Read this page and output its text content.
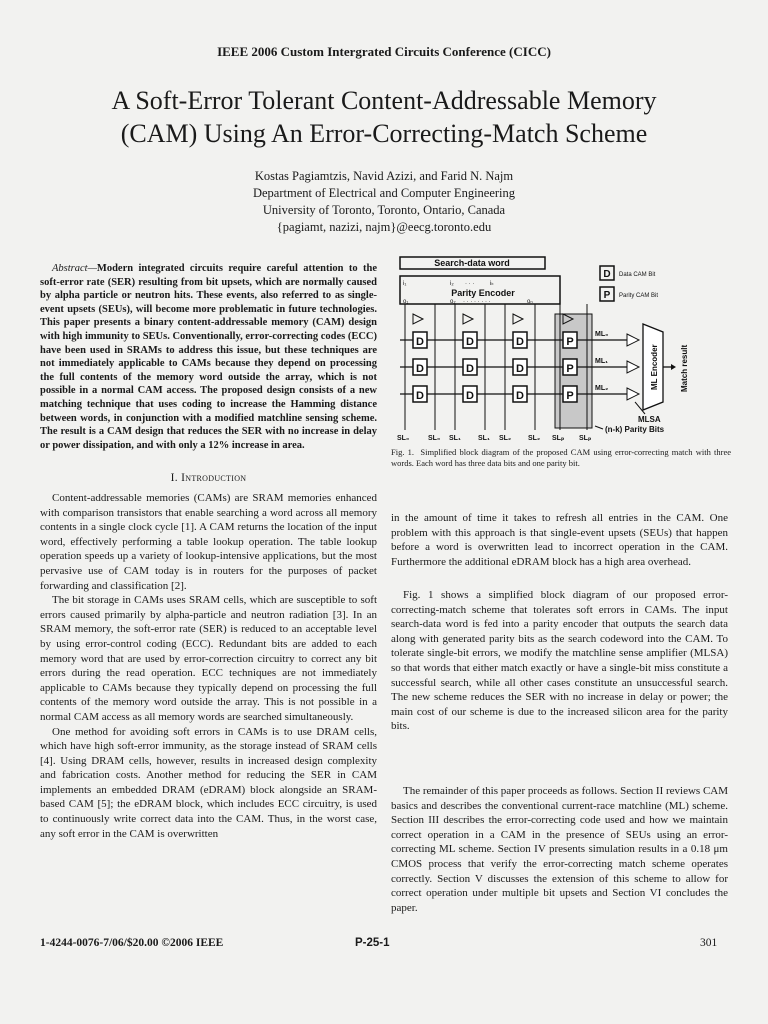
IEEE 2006 Custom Intergrated Circuits Conference (CICC)
A Soft-Error Tolerant Content-Addressable Memory
(CAM) Using An Error-Correcting-Match Scheme
Kostas Pagiamtzis, Navid Azizi, and Farid N. Najm
Department of Electrical and Computer Engineering
University of Toronto, Toronto, Ontario, Canada
{pagiamt, nazizi, najm}@eecg.toronto.edu
Abstract—Modern integrated circuits require careful attention to the soft-error rate (SER) resulting from bit upsets, which are normally caused by alpha particle or neutron hits. These events, also referred to as single-event upsets (SEUs), will become more problematic in future technologies. This paper presents a binary content-addressable memory (CAM) design with high immunity to SEUs. Conventionally, error-correcting codes (ECC) have been used in SRAMs to address this issue, but these techniques are not immediately applicable to CAMs because they depend on processing the full contents of the memory word outside the array, which is not possible in a normal CAM access. The proposed design consists of a new matching technique that uses coding to increase the Hamming distance between words, in conjunction with a modified matchline sensing scheme. The result is a CAM design that reduces the SER with no increase in delay or power dissipation, and with only a 12% increase in area.
I. Introduction

Content-addressable memories (CAMs) are SRAM memories enhanced with comparison transistors that enable searching a word across all memory contents in a single clock cycle [1]. A CAM returns the location of the input word, effectively performing a table lookup operation. The table lookup operation speeds up a variety of lookup-intensive applications, but the most pervasive use of CAM today is in routers for the purposes of packet forwarding and classification [2].

The bit storage in CAMs uses SRAM cells, which are susceptible to soft errors caused primarily by alpha-particle and neutron radiation [3]. In an SRAM memory, the soft-error rate (SER) is reduced to an acceptable level by using error-control coding (ECC). Redundant bits are added to each memory word that are used by error-correction circuitry to correct any bit errors during the read operation. ECC techniques are not immediately applicable to CAMs because they typically depend on processing the full contents of the memory word outside the array. This is not possible in a normal CAM access as all memory words are searched simultaneously.

One method for avoiding soft errors in CAMs is to use DRAM cells, which have high soft-error immunity, as the storage instead of SRAM cells [4]. Using DRAM cells, however, results in increased design complexity and fabrication costs. Another method for reducing the SER in CAM implements an embedded DRAM (eDRAM) block alongside an SRAM-based CAM [5]; the eDRAM block, which includes ECC circuitry, is used to continuously write correct data into the CAM. Thus, in the worst case, any soft error in the CAM is overwritten

Search-data word
i₁	i₂ · · ·	iₖ
Parity Encoder
o₁	o₂ · · · · · · · ·	oₙ
D Data CAM Bit
P Parity CAM Bit
D	D	D	P
D	D	D	P
D	D	D	P
ML₀
ML₁
ML₂	ML Encoder	Match result
MLSA
(n-k) Parity Bits
SL₀	SL₀ SL₁ SL₁ SL₂ SL₂ SLₚ SLₚ
Fig. 1. Simplified block diagram of the proposed CAM using error-correcting match with three words. Each word has three data bits and one parity bit.

in the amount of time it takes to refresh all entries in the CAM. One problem with this approach is that single-event upsets (SEUs) that happen before a word is overwritten lead to incorrect operation in the CAM. Furthermore the additional eDRAM block has a high area overhead.

Fig. 1 shows a simplified block diagram of our proposed error-correcting-match scheme that tolerates soft errors in CAMs. The input search-data word is fed into a parity encoder that outputs the search data along with generated parity bits as the search codeword into the CAM. To tolerate single-bit errors, we modify the matchline sense amplifier (MLSA) so that words that either match exactly or have a single-bit miss constitute a successful search, while all other cases constitute an unsuccessful search. The new scheme reduces the SER with no increase in delay or power; the main cost of our scheme is due to the increased silicon area for the parity bits.

The remainder of this paper proceeds as follows. Section II reviews CAM basics and describes the conventional current-race matchline (ML) scheme. Section III describes the error-correcting code used and how we maintain correct operation in a CAM in the presence of SEUs using an error-correcting ML scheme. Section IV presents simulation results in a 0.18 μm CMOS process that verify the error-correcting match scheme operates correctly. Section V discusses the extension of this scheme to allow for correct operation under multiple bit upsets and Section VI concludes the paper.

1-4244-0076-7/06/$20.00 ©2006 IEEE	P-25-1	301
